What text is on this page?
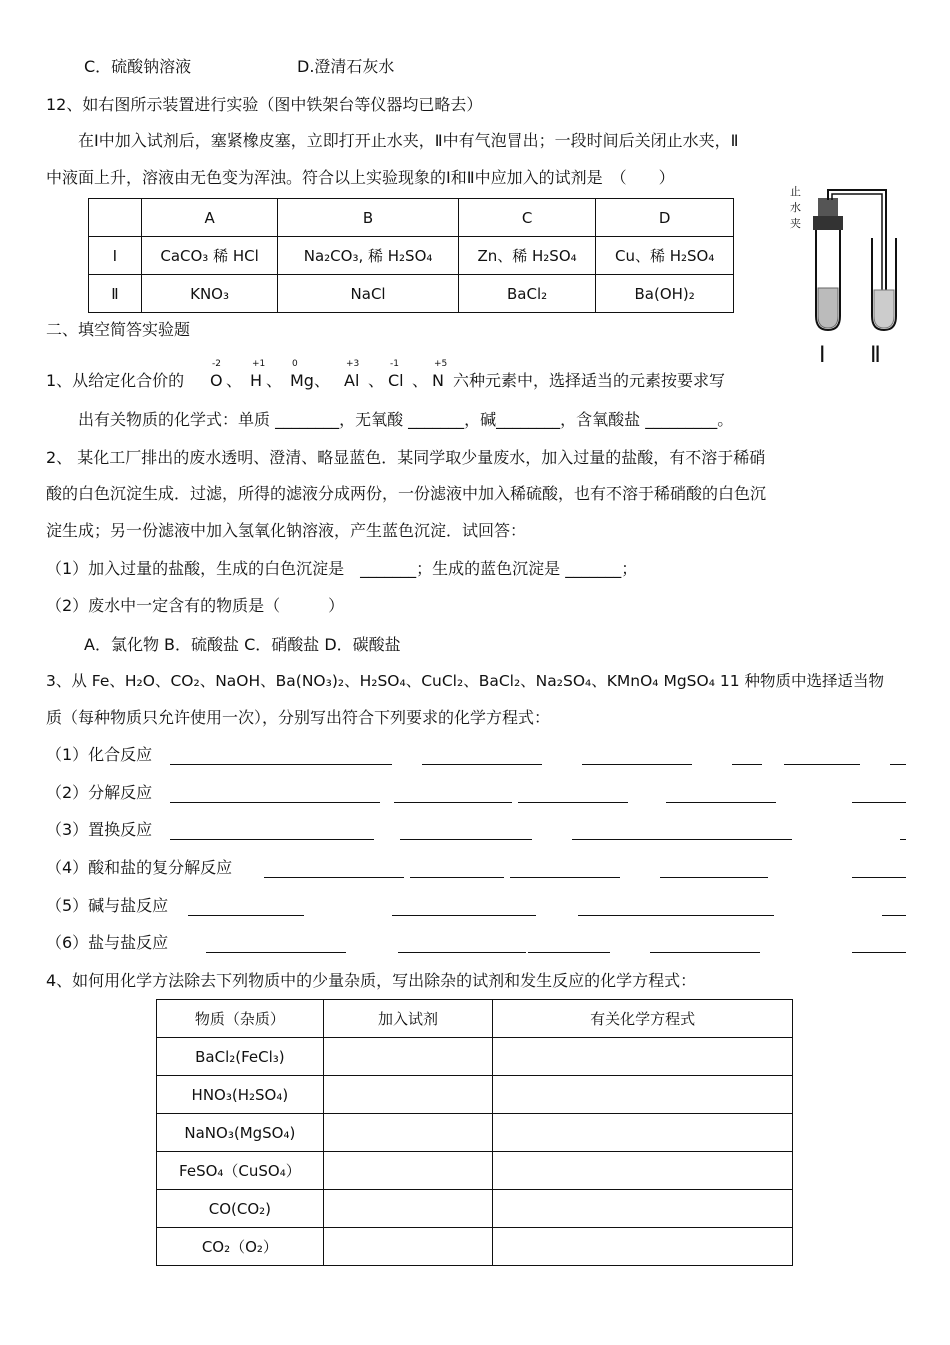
C．硫酸钠溶液	D.澄清石灰水
12、如右图所示装置进行实验（图中铁架台等仪器均已略去）
在Ⅰ中加入试剂后，塞紧橡皮塞，立即打开止水夹，Ⅱ中有气泡冒出；一段时间后关闭止水夹，Ⅱ
中液面上升，溶液由无色变为浑浊。符合以上实验现象的Ⅰ和Ⅱ中应加入的试剂是　（　　）
	A	B	C	D
Ⅰ	CaCO₃ 稀 HCl	Na₂CO₃, 稀 H₂SO₄	Zn、稀 H₂SO₄	Cu、稀 H₂SO₄
Ⅱ	KNO₃	NaCl	BaCl₂	Ba(OH)₂
止水夹
Ⅰ Ⅱ
二、填空简答实验题
1、从给定化合价的
-2
O 、
+1
H 、
0
Mg 、
+3
Al 、
-1
Cl 、
+5
N 六种元素中，选择适当的元素按要求写
出有关物质的化学式：单质 ________，无氧酸 _______，碱________，含氧酸盐 _________。
2、 某化工厂排出的废水透明、澄清、略显蓝色．某同学取少量废水，加入过量的盐酸，有不溶于稀硝
酸的白色沉淀生成．过滤，所得的滤液分成两份，一份滤液中加入稀硫酸，也有不溶于稀硝酸的白色沉
淀生成；另一份滤液中加入氢氧化钠溶液，产生蓝色沉淀．试回答：
（1）加入过量的盐酸，生成的白色沉淀是　_______；生成的蓝色沉淀是 _______；
（2）废水中一定含有的物质是（　　　）
A．氯化物 B．硫酸盐 C．硝酸盐 D．碳酸盐
3、从 Fe、H₂O、CO₂、NaOH、Ba(NO₃)₂、H₂SO₄、CuCl₂、BaCl₂、Na₂SO₄、KMnO₄ MgSO₄ 11 种物质中选择适当物
质（每种物质只允许使用一次），分别写出符合下列要求的化学方程式：
（1）化合反应
（2）分解反应
（3）置换反应
（4）酸和盐的复分解反应
（5）碱与盐反应
（6）盐与盐反应
4、如何用化学方法除去下列物质中的少量杂质，写出除杂的试剂和发生反应的化学方程式：
物质（杂质）	加入试剂	有关化学方程式
BaCl₂(FeCl₃)		
HNO₃(H₂SO₄)		
NaNO₃(MgSO₄)		
FeSO₄（CuSO₄）		
CO(CO₂)		
CO₂（O₂）		
